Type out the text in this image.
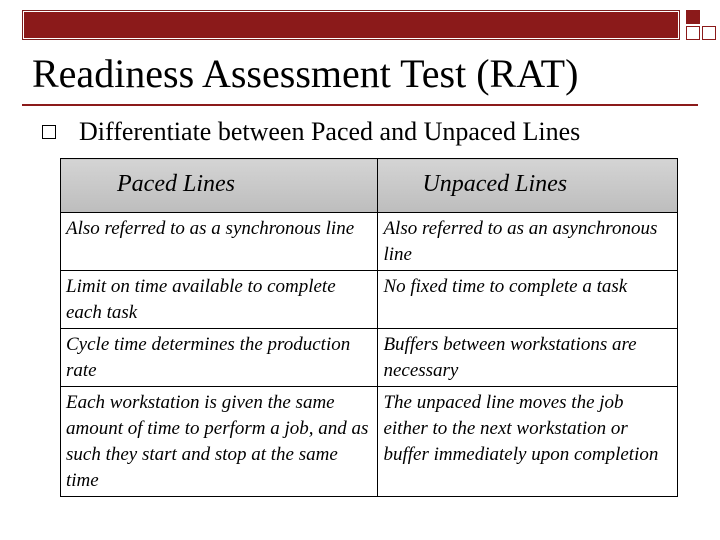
Readiness Assessment Test (RAT)
Differentiate between Paced and Unpaced Lines
Paced Lines	Unpaced Lines
Also referred to as a synchronous line	Also referred to as an asynchronous line
Limit on time available to complete each task	No fixed time to complete a task
Cycle time determines the production rate	Buffers between workstations are necessary
Each workstation is given the same amount of time to perform a job, and as such they start and stop at the same time	The unpaced line moves the job either to the next workstation or buffer immediately upon completion
